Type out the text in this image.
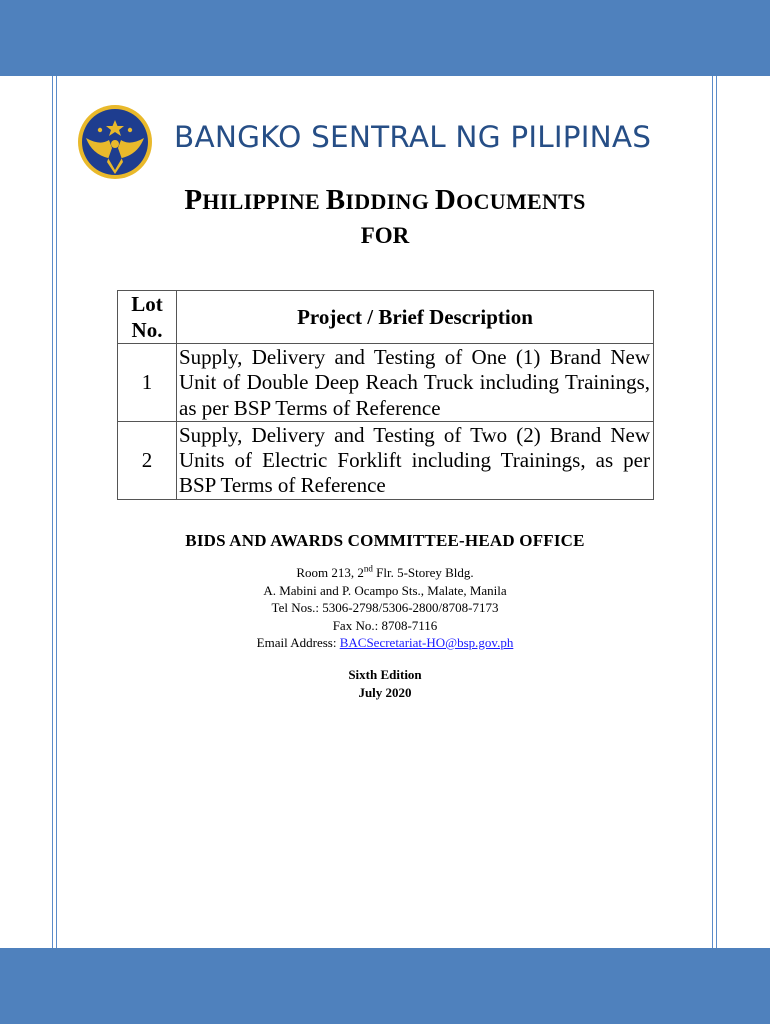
BANGKO SENTRAL NG PILIPINAS
PHILIPPINE BIDDING DOCUMENTS
FOR
Lot No.	Project / Brief Description
1	Supply, Delivery and Testing of One (1) Brand New Unit of Double Deep Reach Truck including Trainings, as per BSP Terms of Reference
2	Supply, Delivery and Testing of Two (2) Brand New Units of Electric Forklift including Trainings, as per BSP Terms of Reference
BIDS AND AWARDS COMMITTEE-HEAD OFFICE
Room 213, 2nd Flr. 5-Storey Bldg.
A. Mabini and P. Ocampo Sts., Malate, Manila
Tel Nos.: 5306-2798/5306-2800/8708-7173
Fax No.: 8708-7116
Email Address: BACSecretariat-HO@bsp.gov.ph
Sixth Edition
July 2020
